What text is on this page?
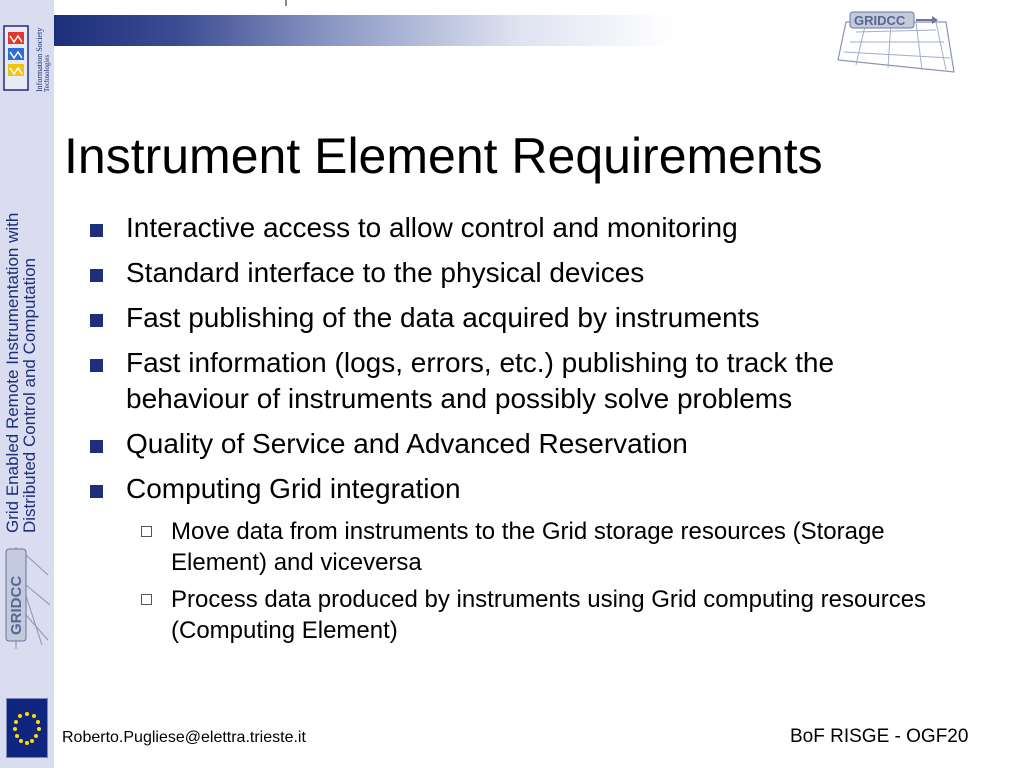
Information Society Technologies
Grid Enabled Remote Instrumentation with
Distributed Control and Computation
GRIDCC
GRIDCC
Instrument Element Requirements
Interactive access to allow control and monitoring
Standard interface to the physical devices
Fast publishing of the data acquired by instruments
Fast information (logs, errors, etc.) publishing to track the behaviour of instruments and possibly solve problems
Quality of Service and Advanced Reservation
Computing Grid integration
Move data from instruments to the Grid storage resources (Storage Element) and viceversa
Process data produced by instruments using Grid computing resources (Computing Element)
Roberto.Pugliese@elettra.trieste.it	BoF RISGE - OGF20
